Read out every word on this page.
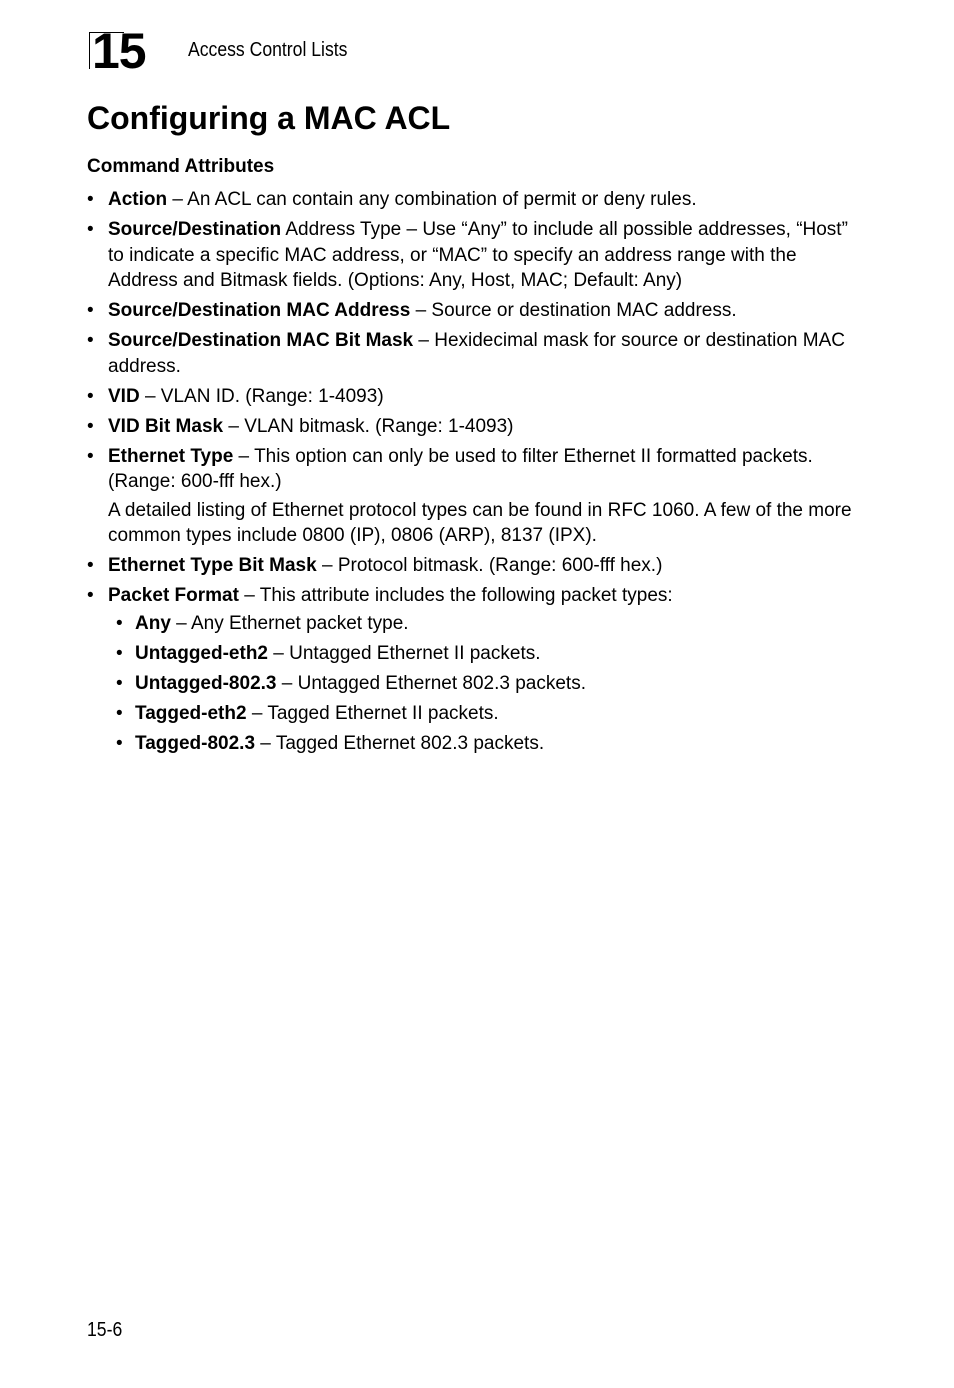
15 Access Control Lists
Configuring a MAC ACL
Command Attributes
• Action – An ACL can contain any combination of permit or deny rules.
• Source/Destination Address Type – Use “Any” to include all possible addresses, “Host” to indicate a specific MAC address, or “MAC” to specify an address range with the Address and Bitmask fields. (Options: Any, Host, MAC; Default: Any)
• Source/Destination MAC Address – Source or destination MAC address.
• Source/Destination MAC Bit Mask – Hexidecimal mask for source or destination MAC address.
• VID – VLAN ID. (Range: 1-4093)
• VID Bit Mask – VLAN bitmask. (Range: 1-4093)
• Ethernet Type – This option can only be used to filter Ethernet II formatted packets. (Range: 600-fff hex.)

A detailed listing of Ethernet protocol types can be found in RFC 1060. A few of the more common types include 0800 (IP), 0806 (ARP), 8137 (IPX).

• Ethernet Type Bit Mask – Protocol bitmask. (Range: 600-fff hex.)
• Packet Format – This attribute includes the following packet types:
• Any – Any Ethernet packet type.
• Untagged-eth2 – Untagged Ethernet II packets.
• Untagged-802.3 – Untagged Ethernet 802.3 packets.
• Tagged-eth2 – Tagged Ethernet II packets.
• Tagged-802.3 – Tagged Ethernet 802.3 packets.
15-6
